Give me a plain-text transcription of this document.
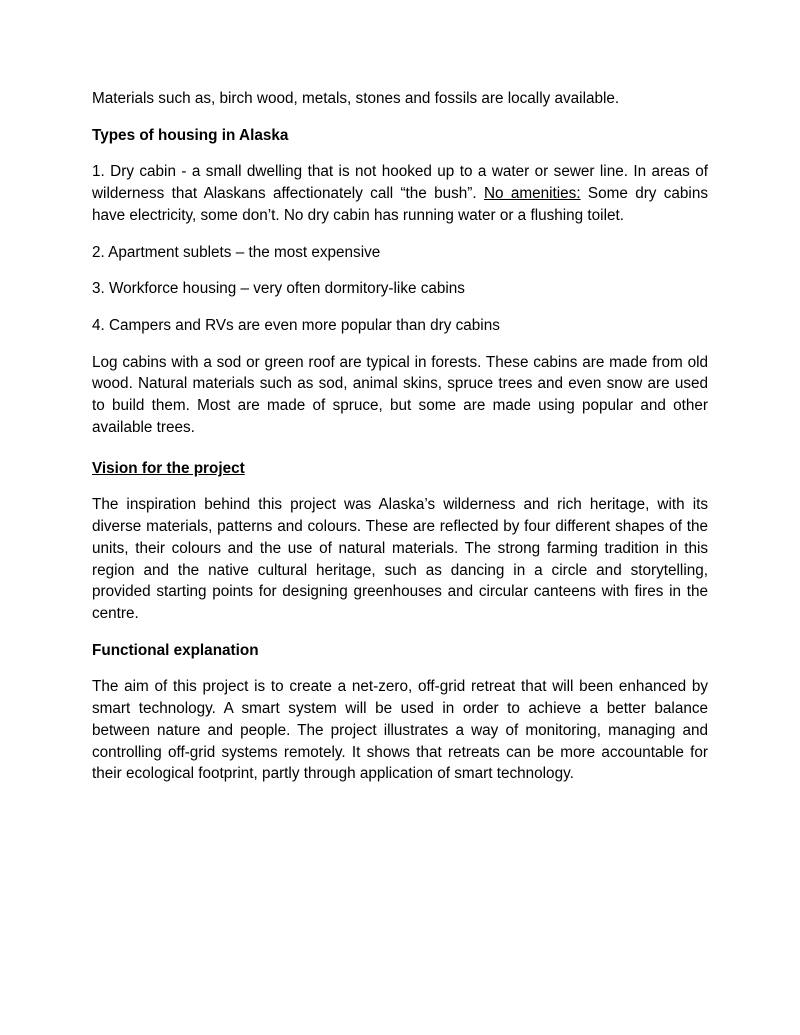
Materials such as, birch wood, metals, stones and fossils are locally available.

Types of housing in Alaska

1. Dry cabin - a small dwelling that is not hooked up to a water or sewer line. In areas of wilderness that Alaskans affectionately call “the bush”. No amenities: Some dry cabins have electricity, some don’t. No dry cabin has running water or a flushing toilet.

2. Apartment sublets – the most expensive

3. Workforce housing – very often dormitory-like cabins

4. Campers and RVs are even more popular than dry cabins

Log cabins with a sod or green roof are typical in forests. These cabins are made from old wood. Natural materials such as sod, animal skins, spruce trees and even snow are used to build them. Most are made of spruce, but some are made using popular and other available trees.

Vision for the project

The inspiration behind this project was Alaska’s wilderness and rich heritage, with its diverse materials, patterns and colours. These are reflected by four different shapes of the units, their colours and the use of natural materials. The strong farming tradition in this region and the native cultural heritage, such as dancing in a circle and storytelling, provided starting points for designing greenhouses and circular canteens with fires in the centre.

Functional explanation

The aim of this project is to create a net-zero, off-grid retreat that will been enhanced by smart technology. A smart system will be used in order to achieve a better balance between nature and people. The project illustrates a way of monitoring, managing and controlling off-grid systems remotely. It shows that retreats can be more accountable for their ecological footprint, partly through application of smart technology.
